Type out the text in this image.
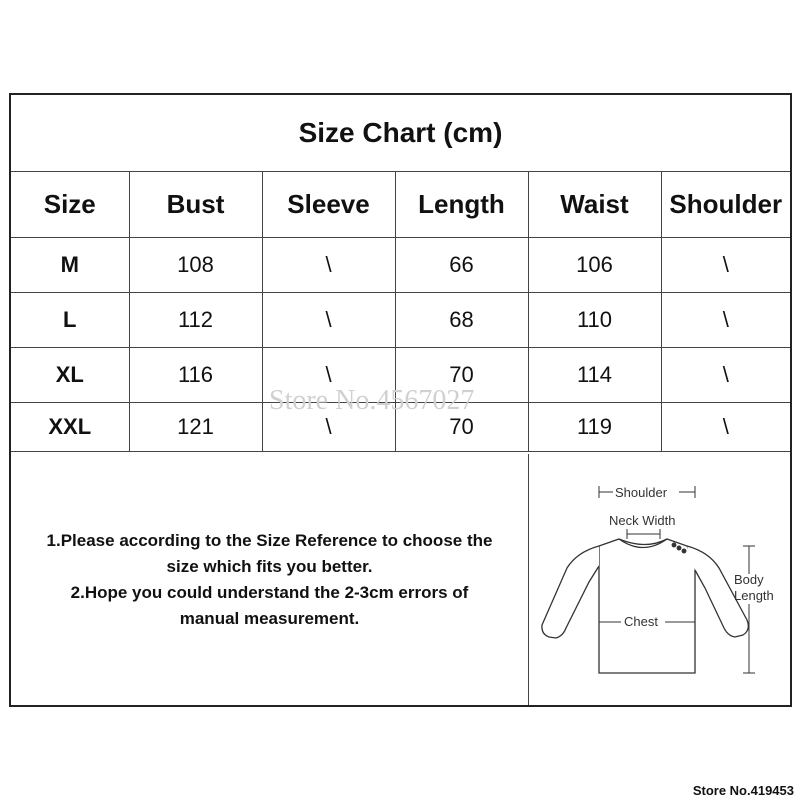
Size Chart (cm)
Size	Bust	Sleeve	Length	Waist	Shoulder
M	108	\	66	106	\
L	112	\	68	110	\
XL	116	\	70	114	\
XXL	121	\	70	119	\
Store No.4567027

1.Please according to the Size Reference to choose the

size which fits you better.

2.Hope you could understand the 2-3cm errors of

manual measurement.

Shoulder
Neck Width
Chest
Body
Length
Store No.419453
